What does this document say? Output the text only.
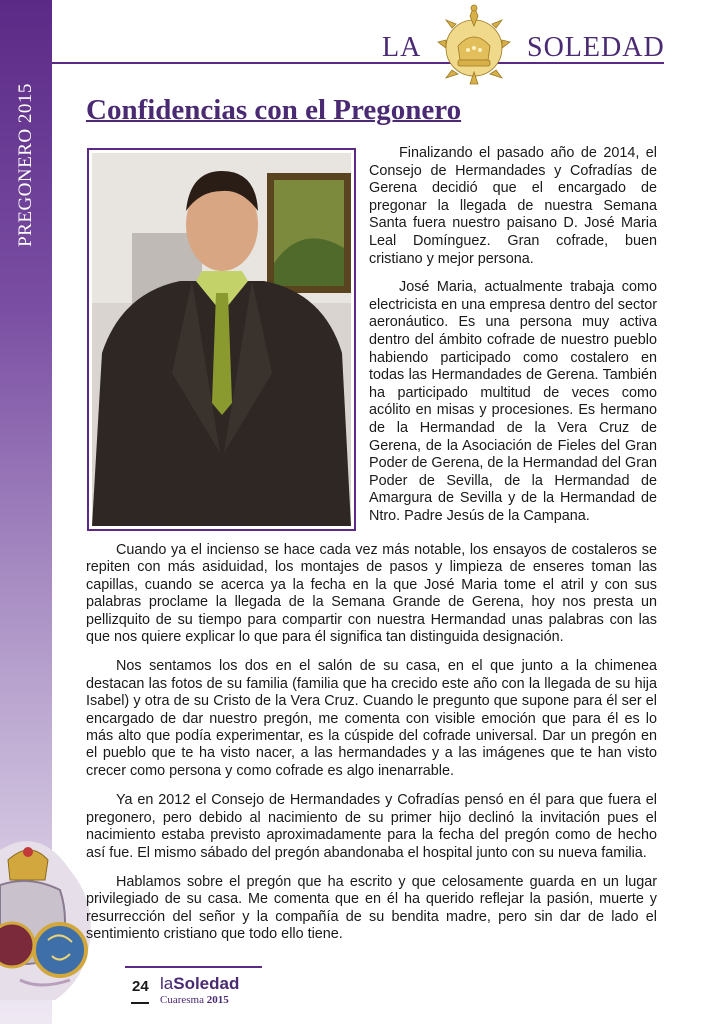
PREGONERO 2015
LA	SOLEDAD
Confidencias con el Pregonero

Finalizando el pasado año de 2014, el Consejo de Hermandades y Cofradías de Gerena decidió que el encargado de pregonar la llegada de nuestra Semana Santa fuera nuestro paisano D. José Maria Leal Domínguez. Gran cofrade, buen cristiano y mejor persona.

José Maria, actualmente trabaja como electricista en una empresa dentro del sector aeronáutico. Es una persona muy activa dentro del ámbito cofrade de nuestro pueblo habiendo participado como costalero en todas las Hermandades de Gerena. También ha participado multitud de veces como acólito en misas y procesiones. Es hermano de la Hermandad de la Vera Cruz de Gerena, de la Asociación de Fieles del Gran Poder de Gerena, de la Hermandad del Gran Poder de Sevilla, de la Hermandad de Amargura de Sevilla y de la Hermandad de Ntro. Padre Jesús de la Campana.

Cuando ya el incienso se hace cada vez más notable, los ensayos de costaleros se repiten con más asiduidad, los montajes de pasos y limpieza de enseres toman las capillas, cuando se acerca ya la fecha en la que José Maria tome el atril y con sus palabras proclame la llegada de la Semana Grande de Gerena, hoy nos presta un pellizquito de su tiempo para compartir con nuestra Hermandad unas palabras con las que nos quiere explicar lo que para él significa tan distinguida designación.

Nos sentamos los dos en el salón de su casa, en el que junto a la chimenea destacan las fotos de su familia (familia que ha crecido este año con la llegada de su hija Isabel) y otra de su Cristo de la Vera Cruz. Cuando le pregunto que supone para él ser el encargado de dar nuestro pregón, me comenta con visible emoción que para él es lo más alto que podía experimentar, es la cúspide del cofrade universal. Dar un pregón en el pueblo que te ha visto nacer, a las hermandades y a las imágenes que te han visto crecer como persona y como cofrade es algo inenarrable.

Ya en 2012 el Consejo de Hermandades y Cofradías pensó en él para que fuera el pregonero, pero debido al nacimiento de su primer hijo declinó la invitación pues el nacimiento estaba previsto aproximadamente para la fecha del pregón como de hecho así fue. El mismo sábado del pregón abandonaba el hospital junto con su nueva familia.

Hablamos sobre el pregón que ha escrito y que celosamente guarda en un lugar privilegiado de su casa. Me comenta que en él ha querido reflejar la pasión, muerte y resurrección del señor y la compañía de su bendita madre, pero sin dar de lado el sentimiento cristiano que todo ello tiene.

24 laSoledad
Cuaresma 2015
